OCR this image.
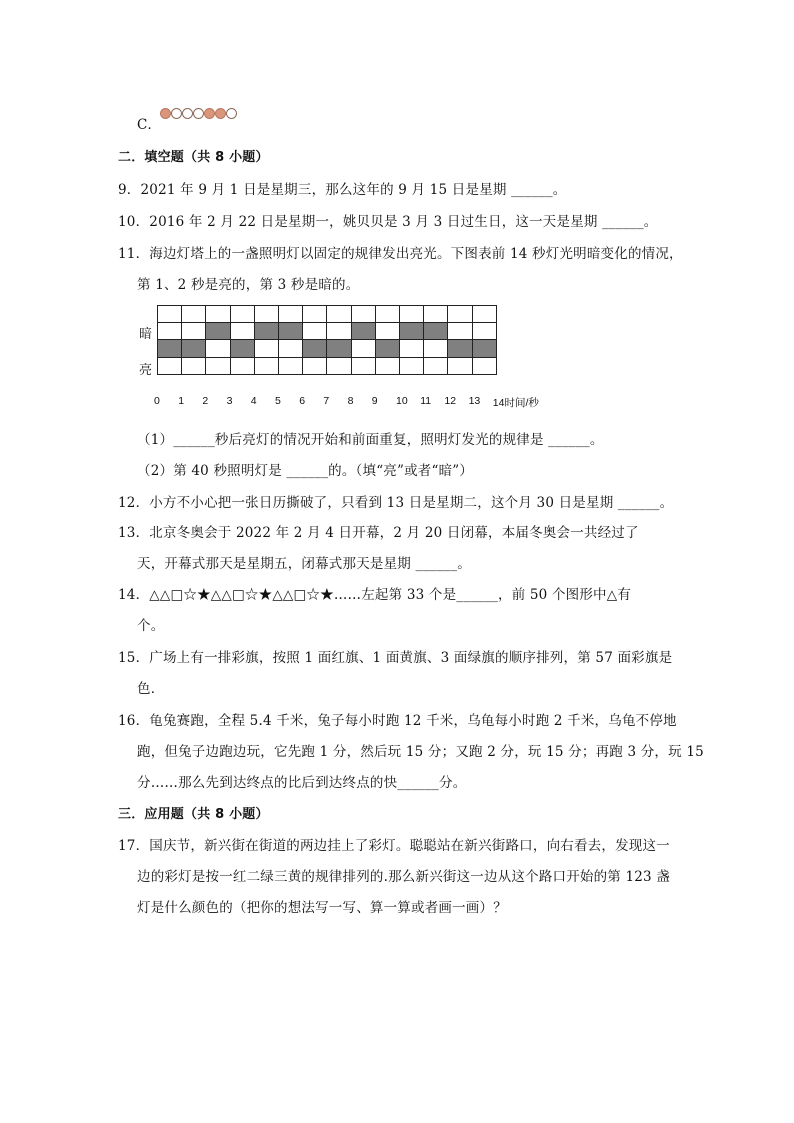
C．
二．填空题（共 8 小题）
9．2021 年 9 月 1 日是星期三，那么这年的 9 月 15 日是星期 ______。
10．2016 年 2 月 22 日是星期一，姚贝贝是 3 月 3 日过生日，这一天是星期 ______。
11．海边灯塔上的一盏照明灯以固定的规律发出亮光。下图表前 14 秒灯光明暗变化的情况，
第 1、2 秒是亮的，第 3 秒是暗的。
暗
亮
0 1 2 3 4 5 6 7 8 9 10 11 12 13 14时间/秒
（1）______秒后亮灯的情况开始和前面重复，照明灯发光的规律是 ______。
（2）第 40 秒照明灯是 ______的。（填“亮”或者“暗”）
12．小方不小心把一张日历撕破了，只看到 13 日是星期二，这个月 30 日是星期 ______。
13．北京冬奥会于 2022 年 2 月 4 日开幕，2 月 20 日闭幕，本届冬奥会一共经过了
天，开幕式那天是星期五，闭幕式那天是星期 ______。
14．△△□☆★△△□☆★△△□☆★……左起第 33 个是______，前 50 个图形中△有
个。
15．广场上有一排彩旗，按照 1 面红旗、1 面黄旗、3 面绿旗的顺序排列，第 57 面彩旗是
色．
16．龟兔赛跑，全程 5.4 千米，兔子每小时跑 12 千米，乌龟每小时跑 2 千米，乌龟不停地
跑，但兔子边跑边玩，它先跑 1 分，然后玩 15 分；又跑 2 分，玩 15 分；再跑 3 分，玩 15
分……那么先到达终点的比后到达终点的快______分。
三．应用题（共 8 小题）
17．国庆节，新兴街在街道的两边挂上了彩灯。聪聪站在新兴街路口，向右看去，发现这一
边的彩灯是按一红二绿三黄的规律排列的.那么新兴街这一边从这个路口开始的第 123 盏
灯是什么颜色的（把你的想法写一写、算一算或者画一画）？
